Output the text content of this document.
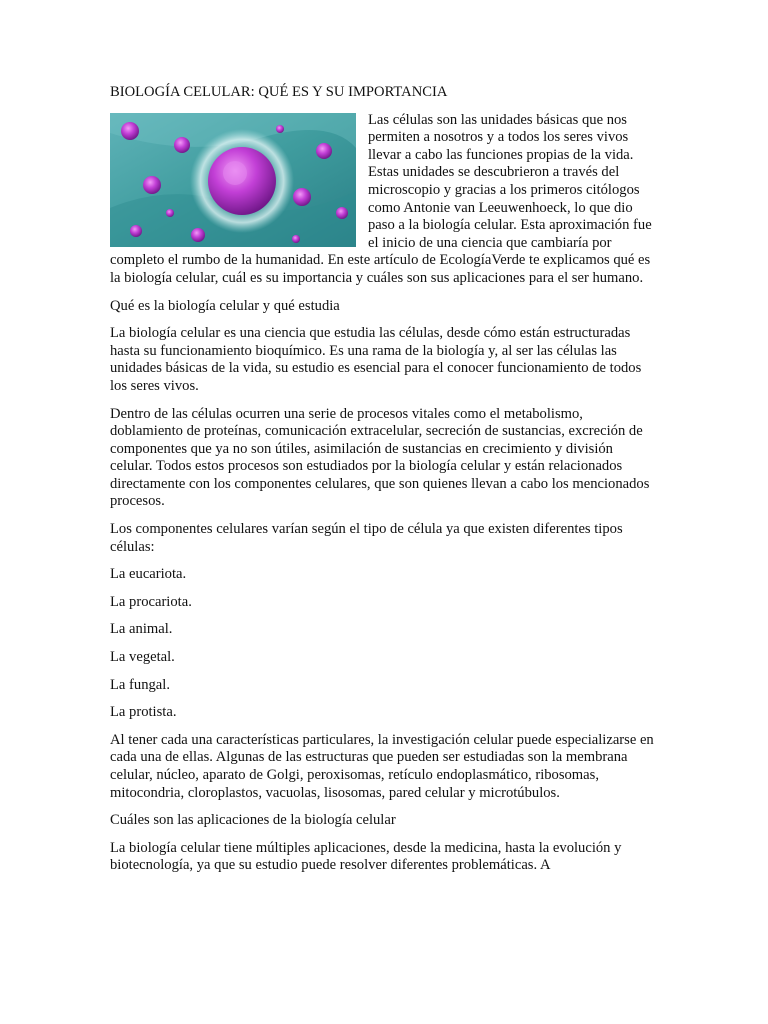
BIOLOGÍA CELULAR: QUÉ ES Y SU IMPORTANCIA

Las células son las unidades básicas que nos permiten a nosotros y a todos los seres vivos llevar a cabo las funciones propias de la vida. Estas unidades se descubrieron a través del microscopio y gracias a los primeros citólogos como Antonie van Leeuwenhoeck, lo que dio paso a la biología celular. Esta aproximación fue el inicio de una ciencia que cambiaría por completo el rumbo de la humanidad. En este artículo de EcologíaVerde te explicamos qué es la biología celular, cuál es su importancia y cuáles son sus aplicaciones para el ser humano.

Qué es la biología celular y qué estudia

La biología celular es una ciencia que estudia las células, desde cómo están estructuradas hasta su funcionamiento bioquímico. Es una rama de la biología y, al ser las células las unidades básicas de la vida, su estudio es esencial para el conocer funcionamiento de todos los seres vivos.

Dentro de las células ocurren una serie de procesos vitales como el metabolismo, doblamiento de proteínas, comunicación extracelular, secreción de sustancias, excreción de componentes que ya no son útiles, asimilación de sustancias en crecimiento y división celular. Todos estos procesos son estudiados por la biología celular y están relacionados directamente con los componentes celulares, que son quienes llevan a cabo los mencionados procesos.

Los componentes celulares varían según el tipo de célula ya que existen diferentes tipos células:

La eucariota.

La procariota.

La animal.

La vegetal.

La fungal.

La protista.

Al tener cada una características particulares, la investigación celular puede especializarse en cada una de ellas. Algunas de las estructuras que pueden ser estudiadas son la membrana celular, núcleo, aparato de Golgi, peroxisomas, retículo endoplasmático, ribosomas, mitocondria, cloroplastos, vacuolas, lisosomas, pared celular y microtúbulos.

Cuáles son las aplicaciones de la biología celular

La biología celular tiene múltiples aplicaciones, desde la medicina, hasta la evolución y biotecnología, ya que su estudio puede resolver diferentes problemáticas. A
